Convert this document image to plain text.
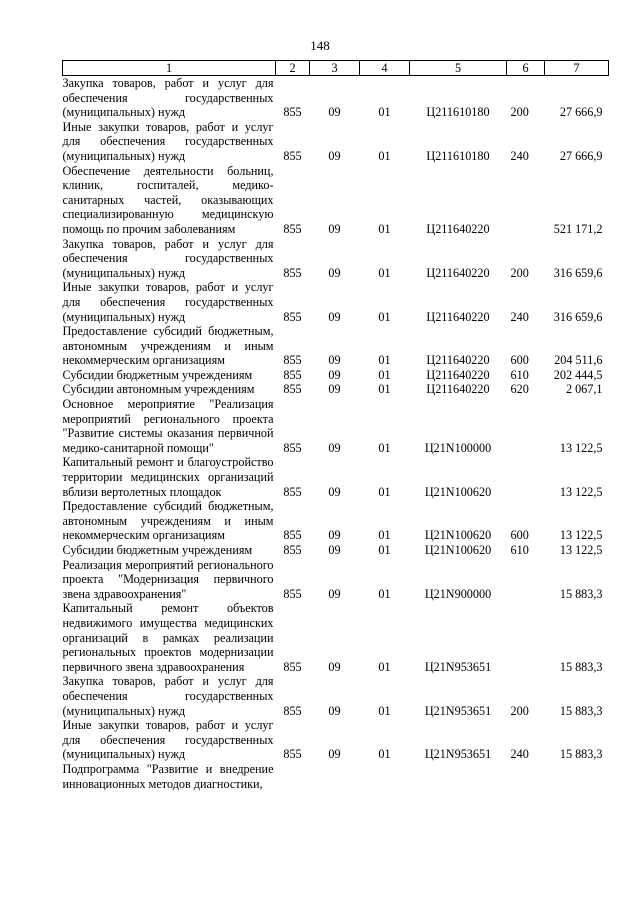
148
1	2	3	4	5	6	7
Закупка товаров, работ и услуг для обеспечения государственных (муниципальных) нужд	855	09	01	Ц211610180	200	27 666,9
Иные закупки товаров, работ и услуг для обеспечения государственных (муниципальных) нужд	855	09	01	Ц211610180	240	27 666,9
Обеспечение деятельности больниц, клиник, госпиталей, медико-санитарных частей, оказывающих специализированную медицинскую помощь по прочим заболеваниям	855	09	01	Ц211640220		521 171,2
Закупка товаров, работ и услуг для обеспечения государственных (муниципальных) нужд	855	09	01	Ц211640220	200	316 659,6
Иные закупки товаров, работ и услуг для обеспечения государственных (муниципальных) нужд	855	09	01	Ц211640220	240	316 659,6
Предоставление субсидий бюджетным, автономным учреждениям и иным некоммерческим организациям	855	09	01	Ц211640220	600	204 511,6
Субсидии бюджетным учреждениям	855	09	01	Ц211640220	610	202 444,5
Субсидии автономным учреждениям	855	09	01	Ц211640220	620	2 067,1
Основное мероприятие "Реализация мероприятий регионального проекта "Развитие системы оказания первичной медико-санитарной помощи"	855	09	01	Ц21N100000		13 122,5
Капитальный ремонт и благоустройство территории медицинских организаций вблизи вертолетных площадок	855	09	01	Ц21N100620		13 122,5
Предоставление субсидий бюджетным, автономным учреждениям и иным некоммерческим организациям	855	09	01	Ц21N100620	600	13 122,5
Субсидии бюджетным учреждениям	855	09	01	Ц21N100620	610	13 122,5
Реализация мероприятий регионального проекта "Модернизация первичного звена здравоохранения"	855	09	01	Ц21N900000		15 883,3
Капитальный ремонт объектов недвижимого имущества медицинских организаций в рамках реализации региональных проектов модернизации первичного звена здравоохранения	855	09	01	Ц21N953651		15 883,3
Закупка товаров, работ и услуг для обеспечения государственных (муниципальных) нужд	855	09	01	Ц21N953651	200	15 883,3
Иные закупки товаров, работ и услуг для обеспечения государственных (муниципальных) нужд	855	09	01	Ц21N953651	240	15 883,3
Подпрограмма "Развитие и внедрение инновационных методов диагностики,						
